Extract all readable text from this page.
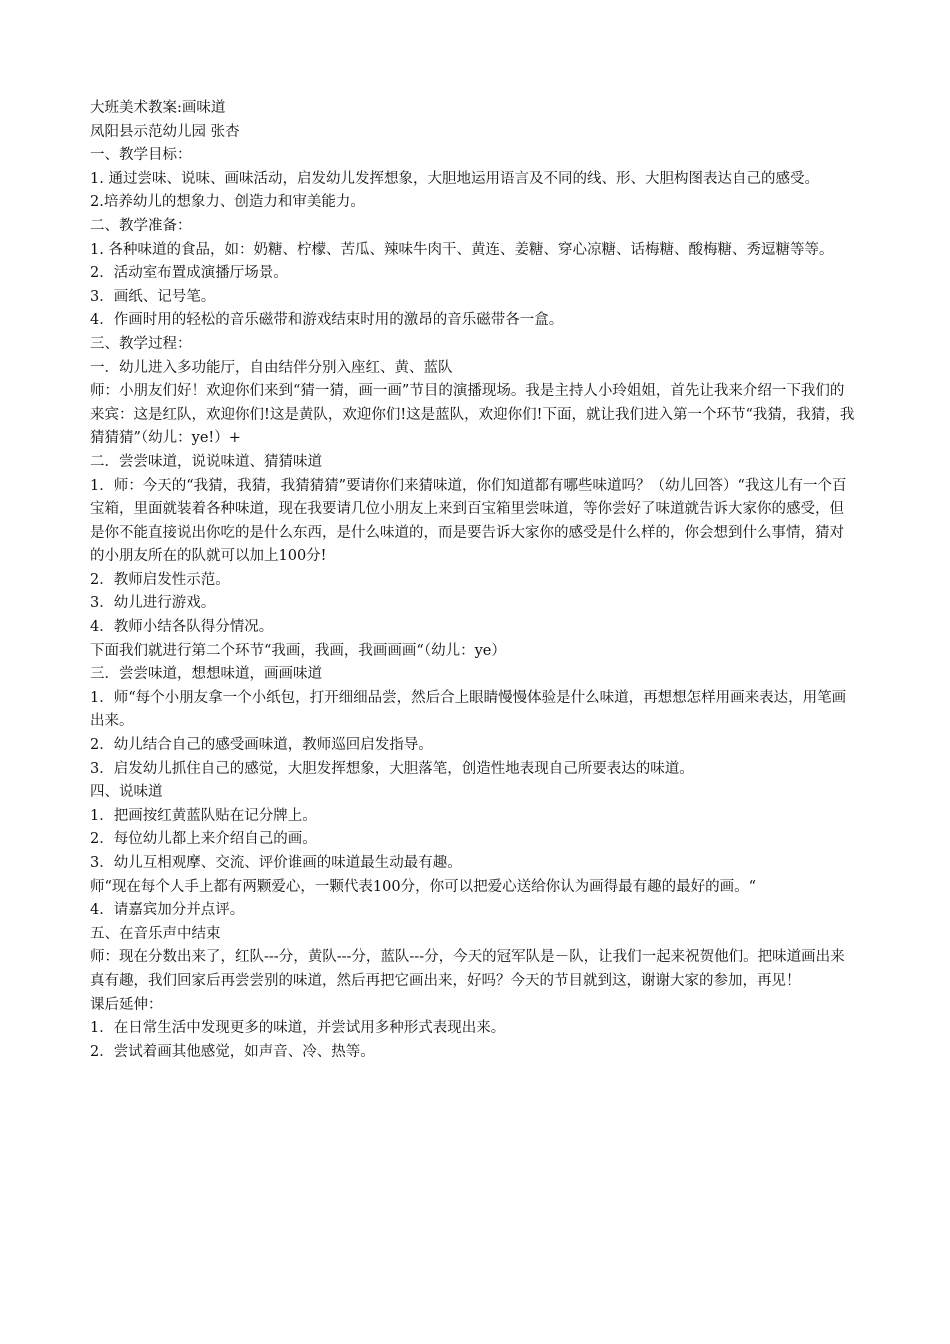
大班美术教案:画味道

凤阳县示范幼儿园 张杏

一、教学目标：

1. 通过尝味、说味、画味活动，启发幼儿发挥想象，大胆地运用语言及不同的线、形、大胆构图表达自己的感受。

2.培养幼儿的想象力、创造力和审美能力。

二、教学准备：

1. 各种味道的食品，如：奶糖、柠檬、苦瓜、辣味牛肉干、黄连、姜糖、穿心凉糖、话梅糖、酸梅糖、秀逗糖等等。

2．活动室布置成演播厅场景。

3．画纸、记号笔。

4．作画时用的轻松的音乐磁带和游戏结束时用的激昂的音乐磁带各一盒。

三、教学过程：

一．幼儿进入多功能厅，自由结伴分别入座红、黄、蓝队

师：小朋友们好！欢迎你们来到“猜一猜，画一画”节目的演播现场。我是主持人小玲姐姐，首先让我来介绍一下我们的来宾：这是红队，欢迎你们!这是黄队，欢迎你们!这是蓝队，欢迎你们!下面，就让我们进入第一个环节“我猜，我猜，我猜猜猜”（幼儿：ye!）+

二．尝尝味道，说说味道、猜猜味道

1．师：今天的“我猜，我猜，我猜猜猜”要请你们来猜味道，你们知道都有哪些味道吗？（幼儿回答）“我这儿有一个百宝箱，里面就装着各种味道，现在我要请几位小朋友上来到百宝箱里尝味道，等你尝好了味道就告诉大家你的感受，但是你不能直接说出你吃的是什么东西，是什么味道的，而是要告诉大家你的感受是什么样的，你会想到什么事情，猜对的小朋友所在的队就可以加上100分!

2．教师启发性示范。

3．幼儿进行游戏。

4．教师小结各队得分情况。

下面我们就进行第二个环节“我画，我画，我画画画“（幼儿：ye）

三．尝尝味道，想想味道，画画味道

1．师“每个小朋友拿一个小纸包，打开细细品尝，然后合上眼睛慢慢体验是什么味道，再想想怎样用画来表达，用笔画出来。

2．幼儿结合自己的感受画味道，教师巡回启发指导。

3．启发幼儿抓住自己的感觉，大胆发挥想象，大胆落笔，创造性地表现自己所要表达的味道。

四、说味道

1．把画按红黄蓝队贴在记分牌上。

2．每位幼儿都上来介绍自己的画。

3．幼儿互相观摩、交流、评价谁画的味道最生动最有趣。

师“现在每个人手上都有两颗爱心，一颗代表100分，你可以把爱心送给你认为画得最有趣的最好的画。“

4．请嘉宾加分并点评。

五、在音乐声中结束

师：现在分数出来了，红队---分，黄队---分，蓝队---分，今天的冠军队是－队，让我们一起来祝贺他们。把味道画出来真有趣，我们回家后再尝尝别的味道，然后再把它画出来，好吗？今天的节目就到这，谢谢大家的参加，再见！

课后延伸：

1．在日常生活中发现更多的味道，并尝试用多种形式表现出来。

2．尝试着画其他感觉，如声音、冷、热等。
